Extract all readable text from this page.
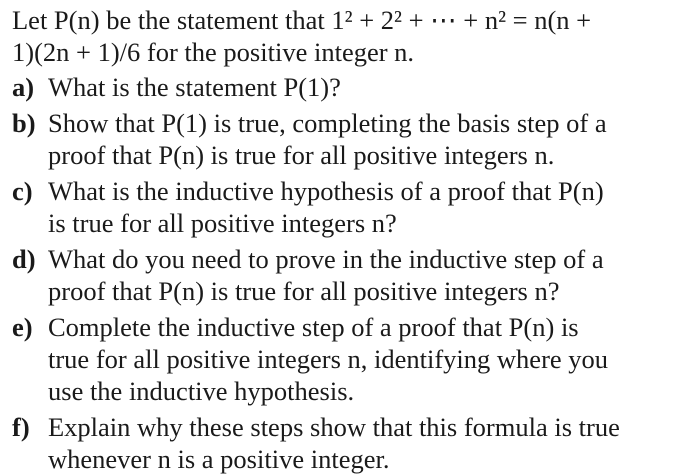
Let P(n) be the statement that 1² + 2² + ⋯ + n² = n(n +
1)(2n + 1)/6 for the positive integer n.
a) What is the statement P(1)?
b) Show that P(1) is true, completing the basis step of a
proof that P(n) is true for all positive integers n.
c) What is the inductive hypothesis of a proof that P(n)
is true for all positive integers n?
d) What do you need to prove in the inductive step of a
proof that P(n) is true for all positive integers n?
e) Complete the inductive step of a proof that P(n) is
true for all positive integers n, identifying where you
use the inductive hypothesis.
f) Explain why these steps show that this formula is true
whenever n is a positive integer.
